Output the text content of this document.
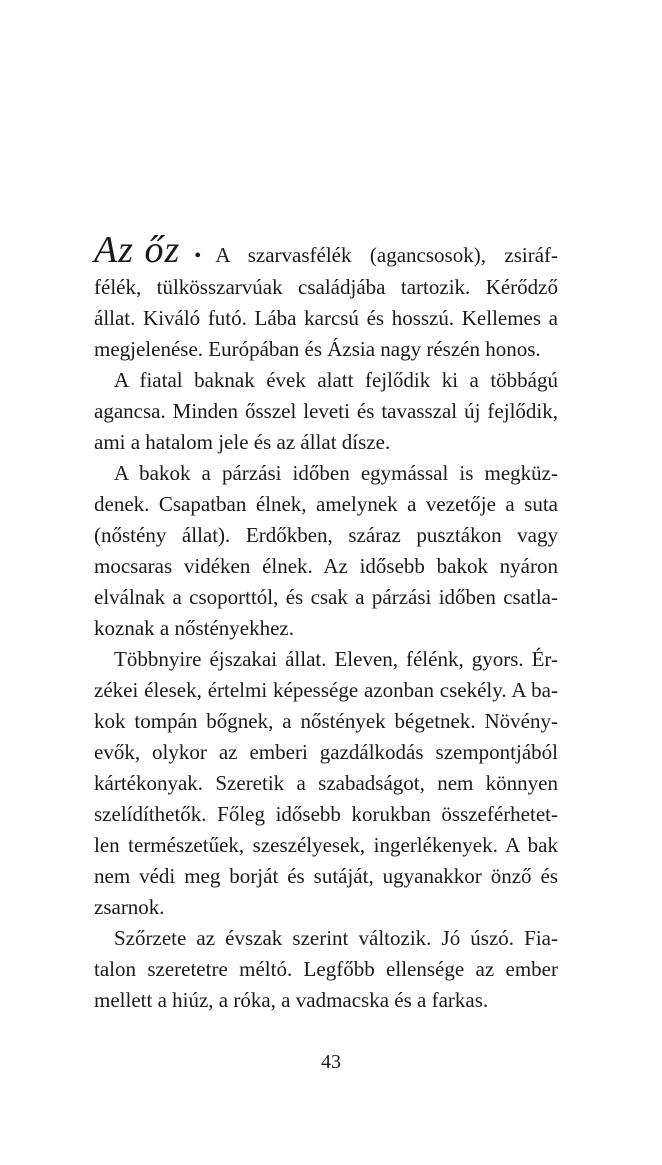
Az őz • A szarvasfélék (agancsosok), zsiráf-
félék, tülkösszarvúak családjába tartozik. Kérődző
állat. Kiváló futó. Lába karcsú és hosszú. Kellemes a
megjelenése. Európában és Ázsia nagy részén honos.
A fiatal baknak évek alatt fejlődik ki a többágú
agancsa. Minden ősszel leveti és tavasszal új fejlődik,
ami a hatalom jele és az állat dísze.
A bakok a párzási időben egymással is megküz-
denek. Csapatban élnek, amelynek a vezetője a suta
(nőstény állat). Erdőkben, száraz pusztákon vagy
mocsaras vidéken élnek. Az idősebb bakok nyáron
elválnak a csoporttól, és csak a párzási időben csatla-
koznak a nőstényekhez.
Többnyire éjszakai állat. Eleven, félénk, gyors. Ér-
zékei élesek, értelmi képessége azonban csekély. A ba-
kok tompán bőgnek, a nőstények bégetnek. Növény-
evők, olykor az emberi gazdálkodás szempontjából
kártékonyak. Szeretik a szabadságot, nem könnyen
szelídíthetők. Főleg idősebb korukban összeférhetet-
len természetűek, szeszélyesek, ingerlékenyek. A bak
nem védi meg borját és sutáját, ugyanakkor önző és
zsarnok.
Szőrzete az évszak szerint változik. Jó úszó. Fia-
talon szeretetre méltó. Legfőbb ellensége az ember
mellett a hiúz, a róka, a vadmacska és a farkas.
43
